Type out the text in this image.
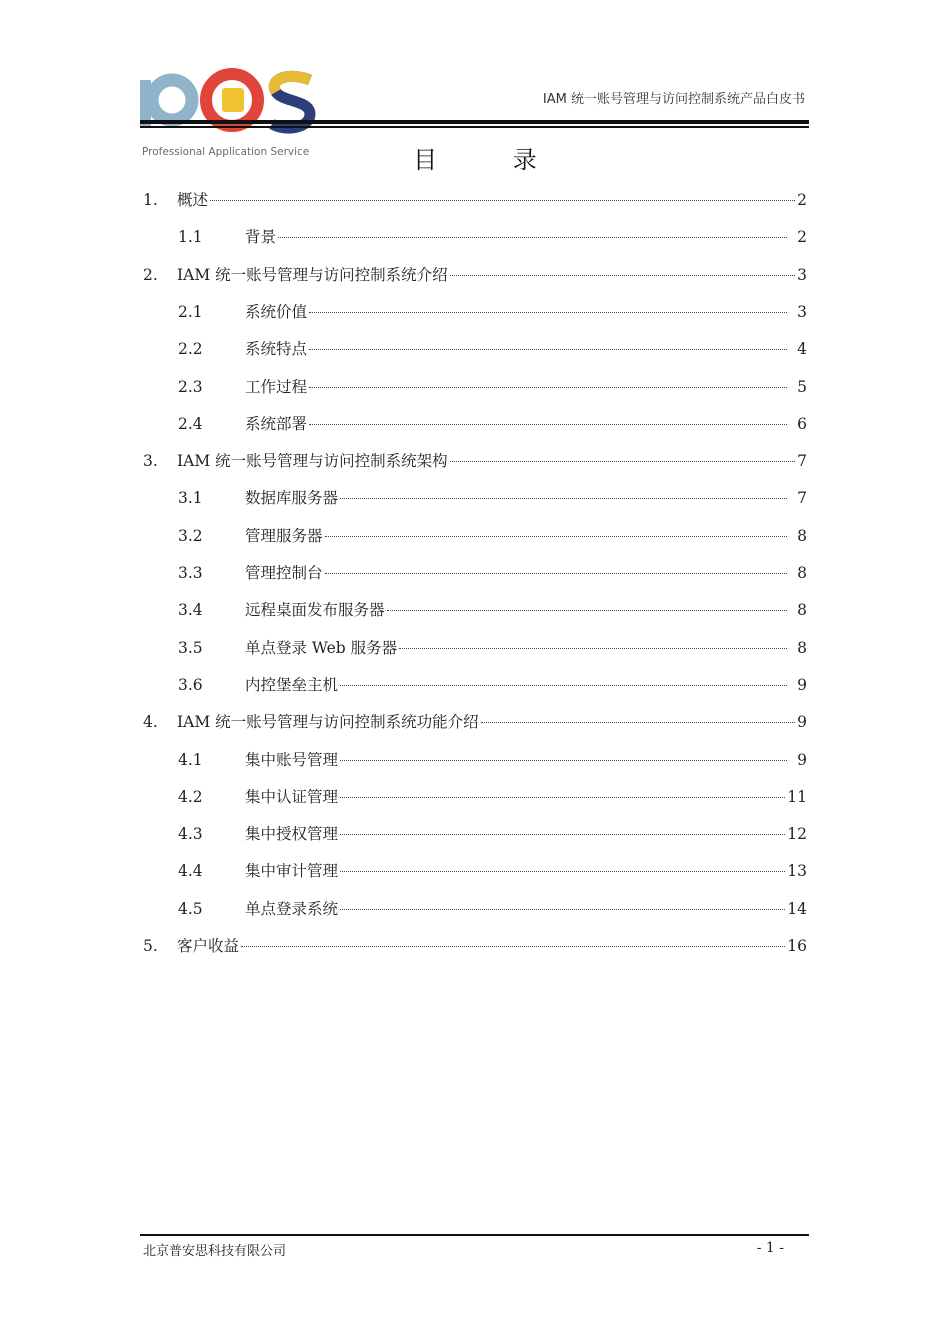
Professional Application Service
IAM 统一账号管理与访问控制系统产品白皮书
目 录
1.	概述	2
1.1	背景	2
2.	IAM 统一账号管理与访问控制系统介绍	3
2.1	系统价值	3
2.2	系统特点	4
2.3	工作过程	5
2.4	系统部署	6
3.	IAM 统一账号管理与访问控制系统架构	7
3.1	数据库服务器	7
3.2	管理服务器	8
3.3	管理控制台	8
3.4	远程桌面发布服务器	8
3.5	单点登录 Web 服务器	8
3.6	内控堡垒主机	9
4.	IAM 统一账号管理与访问控制系统功能介绍	9
4.1	集中账号管理	9
4.2	集中认证管理	11
4.3	集中授权管理	12
4.4	集中审计管理	13
4.5	单点登录系统	14
5.	客户收益	16
北京普安思科技有限公司	- 1 -
